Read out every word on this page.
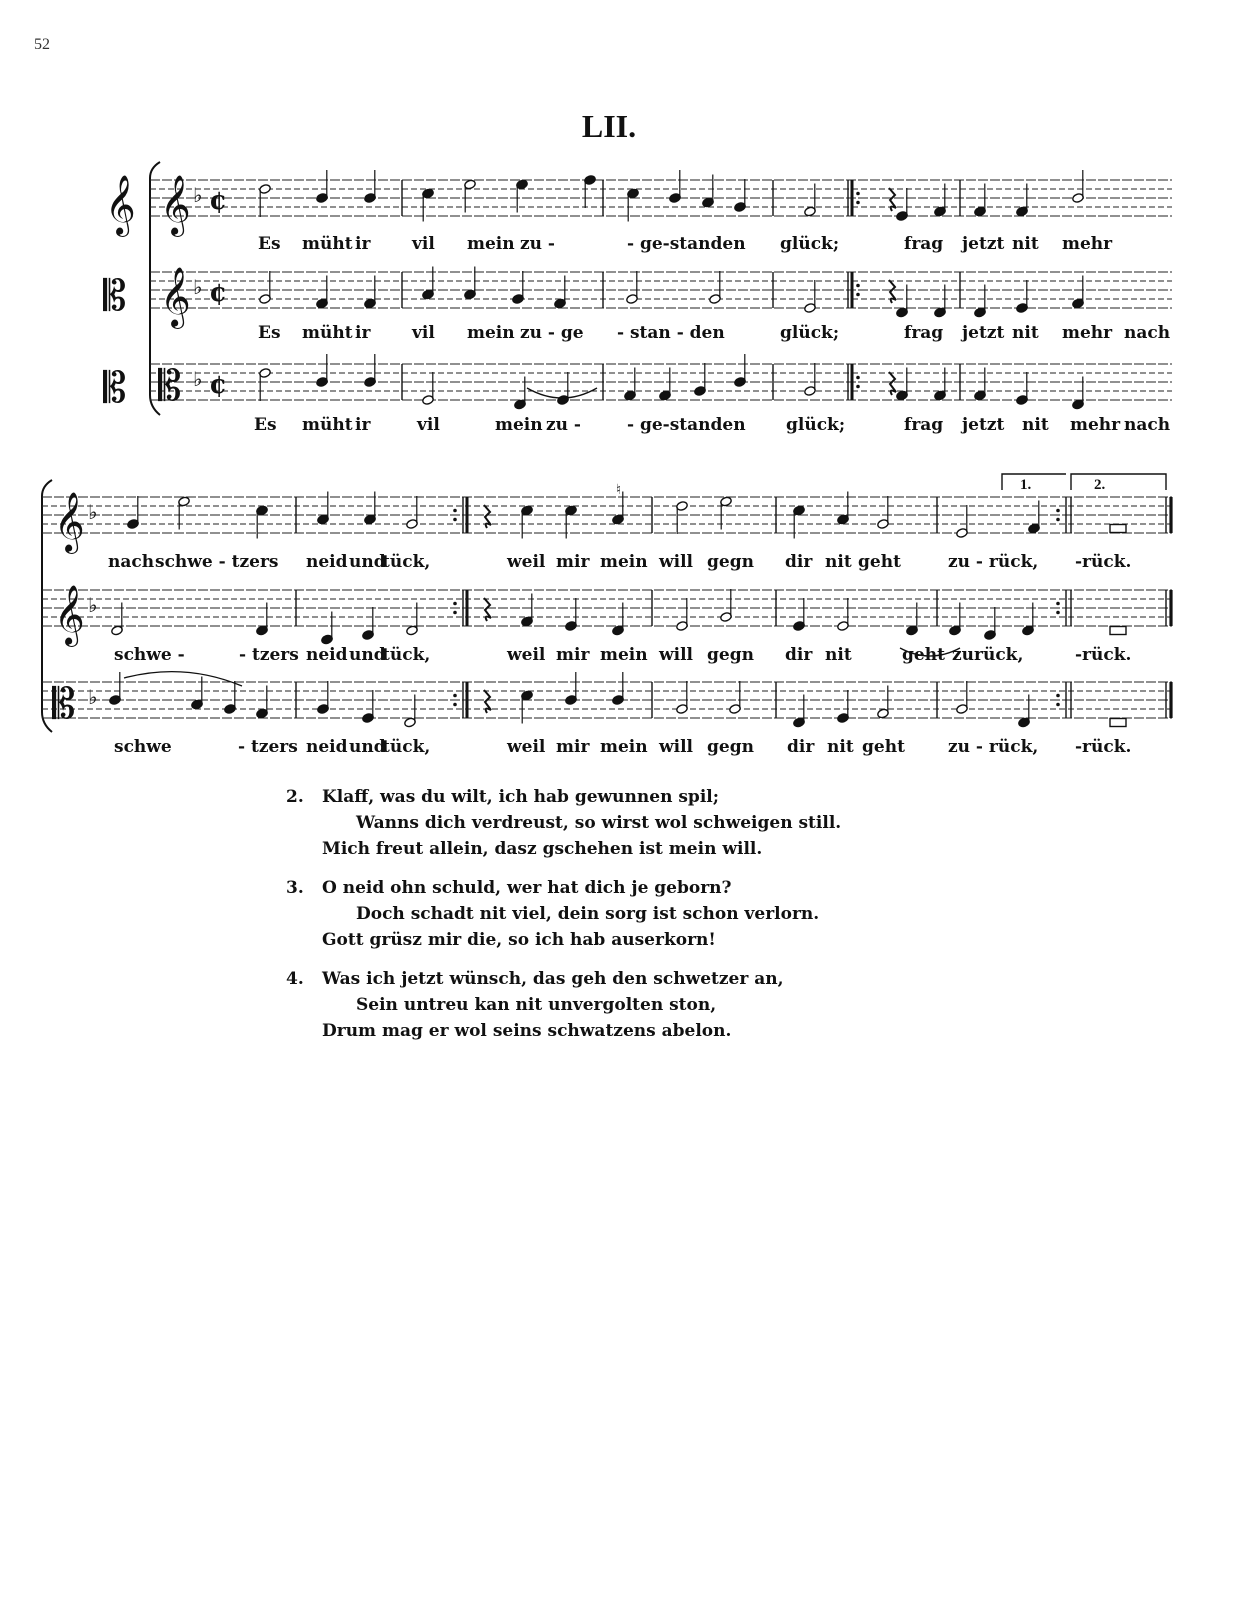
52
LII.
𝄞
𝄡
𝄡
𝄞 ♭ ¢
𝄞 ♭ ¢
𝄡 ♭ ¢
𝄞 ♭
𝄞 ♭
𝄡 ♭
1.	2.
♮
Es müht ir vil mein zu -	- ge-standen glück;	frag jetzt nit mehr
Es müht ir vil mein zu - ge - stan - den	glück;	frag jetzt nit mehr nach
Es müht ir	vil	mein zu -	- ge-standen glück;	frag jetzt nit mehr nach
nach schwe - tzers neid und
tück,	weil mir mein will gegn dir nit geht	zu - rück, -rück.
schwe -	- tzers neid und
tück,	weil mir mein will gegn dir nit	geht zurück,	-rück.
schwe	- tzers neid und
tück,	weil mir mein will gegn dir nit geht	zu - rück, -rück.
2. Klaff, was du wilt, ich hab gewunnen spil;
Wanns dich verdreust, so wirst wol schweigen still.
Mich freut allein, dasz gschehen ist mein will.
3. O neid ohn schuld, wer hat dich je geborn?
Doch schadt nit viel, dein sorg ist schon verlorn.
Gott grüsz mir die, so ich hab auserkorn!
4. Was ich jetzt wünsch, das geh den schwetzer an,
Sein untreu kan nit unvergolten ston,
Drum mag er wol seins schwatzens abelon.
